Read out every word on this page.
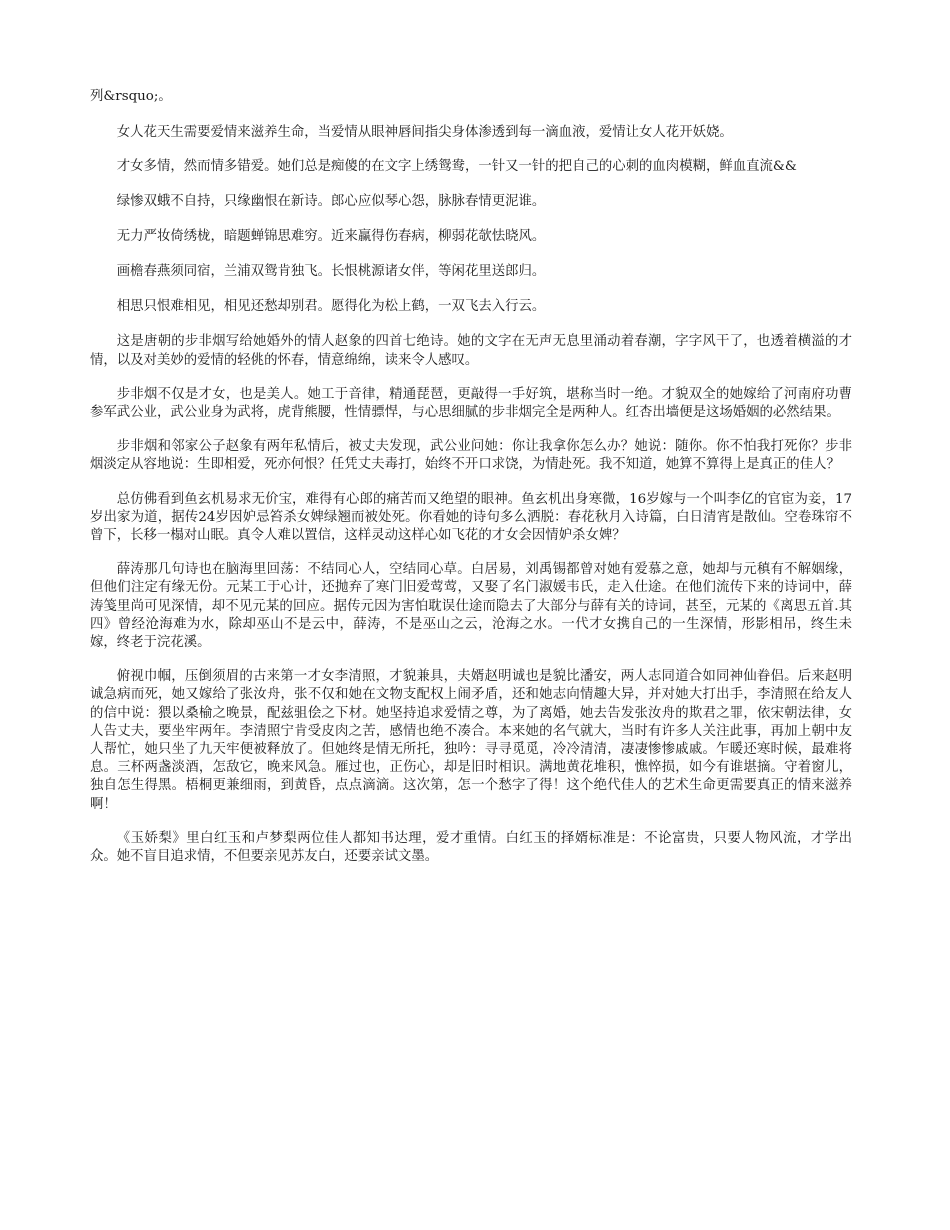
列&rsquo;。

女人花天生需要爱情来滋养生命，当爱情从眼神唇间指尖身体渗透到每一滴血液，爱情让女人花开妖娆。

才女多情，然而情多错爱。她们总是痴傻的在文字上绣鸳鸯，一针又一针的把自己的心刺的血肉模糊，鲜血直流&&

绿惨双蛾不自持，只缘幽恨在新诗。郎心应似琴心怨，脉脉春情更泥谁。

无力严妆倚绣栊，暗题蝉锦思难穷。近来赢得伤春病，柳弱花欹怯晓风。

画檐春燕须同宿，兰浦双鸳肯独飞。长恨桃源诸女伴，等闲花里送郎归。

相思只恨难相见，相见还愁却别君。愿得化为松上鹤，一双飞去入行云。

这是唐朝的步非烟写给她婚外的情人赵象的四首七绝诗。她的文字在无声无息里涌动着春潮，字字风干了，也透着横溢的才情，以及对美妙的爱情的轻佻的怀春，情意绵绵，读来令人感叹。

步非烟不仅是才女，也是美人。她工于音律，精通琵琶，更敲得一手好筑，堪称当时一绝。才貌双全的她嫁给了河南府功曹参军武公业，武公业身为武将，虎背熊腰，性情骠悍，与心思细腻的步非烟完全是两种人。红杏出墙便是这场婚姻的必然结果。

步非烟和邻家公子赵象有两年私情后，被丈夫发现，武公业问她：你让我拿你怎么办？她说：随你。你不怕我打死你？步非烟淡定从容地说：生即相爱，死亦何恨？任凭丈夫毒打，始终不开口求饶，为情赴死。我不知道，她算不算得上是真正的佳人？

总仿佛看到鱼玄机易求无价宝，难得有心郎的痛苦而又绝望的眼神。鱼玄机出身寒微，16岁嫁与一个叫李亿的官宦为妾，17岁出家为道，据传24岁因妒忌笞杀女婢绿翘而被处死。你看她的诗句多么洒脱：春花秋月入诗篇，白日清宵是散仙。空卷珠帘不曾下，长移一榻对山眠。真令人难以置信，这样灵动这样心如飞花的才女会因情妒杀女婢？

薛涛那几句诗也在脑海里回荡：不结同心人，空结同心草。白居易，刘禹锡都曾对她有爱慕之意，她却与元稹有不解姻缘，但他们注定有缘无份。元某工于心计，还抛弃了寒门旧爱莺莺，又娶了名门淑媛韦氏，走入仕途。在他们流传下来的诗词中，薛涛笺里尚可见深情，却不见元某的回应。据传元因为害怕耽误仕途而隐去了大部分与薛有关的诗词，甚至，元某的《离思五首.其四》曾经沧海难为水，除却巫山不是云中，薛涛，不是巫山之云，沧海之水。一代才女携自己的一生深情，形影相吊，终生未嫁，终老于浣花溪。

俯视巾帼，压倒须眉的古来第一才女李清照，才貌兼具，夫婿赵明诚也是貌比潘安，两人志同道合如同神仙眷侣。后来赵明诚急病而死，她又嫁给了张汝舟，张不仅和她在文物支配权上闹矛盾，还和她志向情趣大异，并对她大打出手，李清照在给友人的信中说：猥以桑榆之晚景，配兹驵侩之下材。她坚持追求爱情之尊，为了离婚，她去告发张汝舟的欺君之罪，依宋朝法律，女人告丈夫，要坐牢两年。李清照宁肯受皮肉之苦，感情也绝不凑合。本来她的名气就大，当时有许多人关注此事，再加上朝中友人帮忙，她只坐了九天牢便被释放了。但她终是情无所托，独吟：寻寻觅觅，冷冷清清，凄凄惨惨戚戚。乍暖还寒时候，最难将息。三杯两盏淡酒，怎敌它，晚来风急。雁过也，正伤心，却是旧时相识。满地黄花堆积，憔悴损，如今有谁堪摘。守着窗儿，独自怎生得黑。梧桐更兼细雨，到黄昏，点点滴滴。这次第，怎一个愁字了得！这个绝代佳人的艺术生命更需要真正的情来滋养啊！

《玉娇梨》里白红玉和卢梦梨两位佳人都知书达理，爱才重情。白红玉的择婿标准是：不论富贵，只要人物风流，才学出众。她不盲目追求情，不但要亲见苏友白，还要亲试文墨。
